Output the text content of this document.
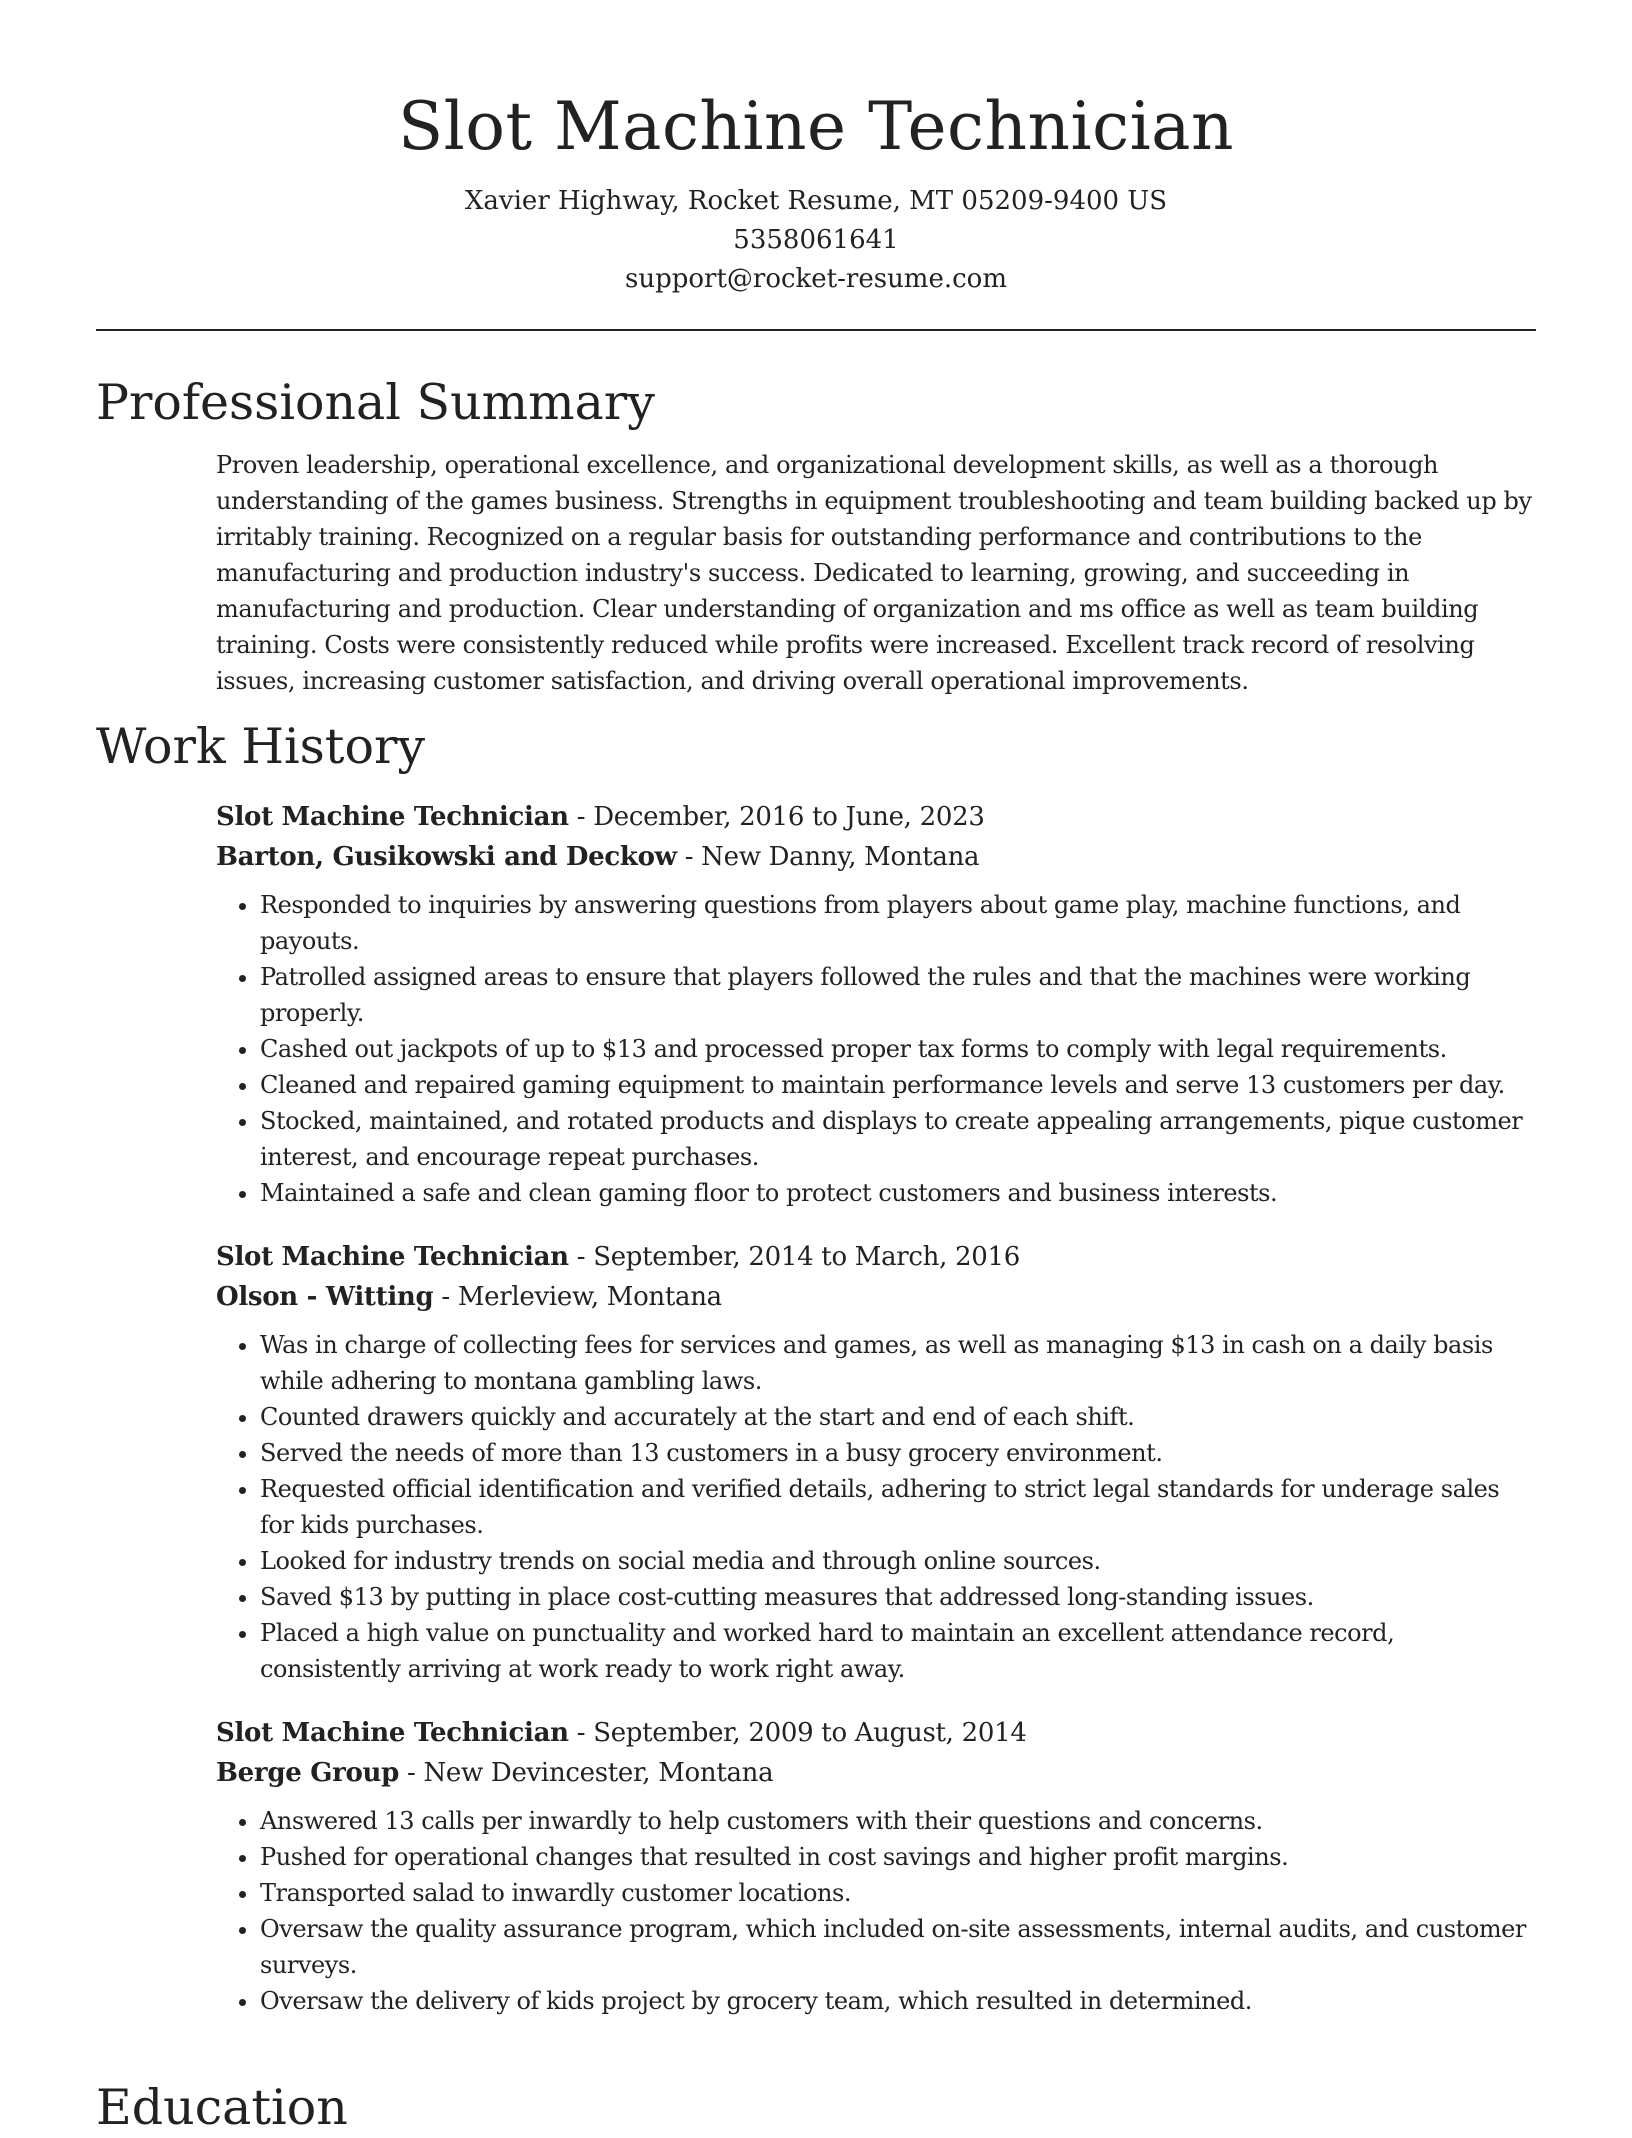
Slot Machine Technician
Xavier Highway, Rocket Resume, MT 05209-9400 US
5358061641
support@rocket-resume.com
Professional Summary

Proven leadership, operational excellence, and organizational development skills, as well as a thorough understanding of the games business. Strengths in equipment troubleshooting and team building backed up by irritably training. Recognized on a regular basis for outstanding performance and contributions to the manufacturing and production industry's success. Dedicated to learning, growing, and succeeding in manufacturing and production. Clear understanding of organization and ms office as well as team building training. Costs were consistently reduced while profits were increased. Excellent track record of resolving issues, increasing customer satisfaction, and driving overall operational improvements.

Work History
Slot Machine Technician - December, 2016 to June, 2023
Barton, Gusikowski and Deckow - New Danny, Montana
• Responded to inquiries by answering questions from players about game play, machine functions, and payouts.
• Patrolled assigned areas to ensure that players followed the rules and that the machines were working properly.
• Cashed out jackpots of up to $13 and processed proper tax forms to comply with legal requirements.
• Cleaned and repaired gaming equipment to maintain performance levels and serve 13 customers per day.
• Stocked, maintained, and rotated products and displays to create appealing arrangements, pique customer interest, and encourage repeat purchases.
• Maintained a safe and clean gaming floor to protect customers and business interests.
Slot Machine Technician - September, 2014 to March, 2016
Olson - Witting - Merleview, Montana
• Was in charge of collecting fees for services and games, as well as managing $13 in cash on a daily basis while adhering to montana gambling laws.
• Counted drawers quickly and accurately at the start and end of each shift.
• Served the needs of more than 13 customers in a busy grocery environment.
• Requested official identification and verified details, adhering to strict legal standards for underage sales for kids purchases.
• Looked for industry trends on social media and through online sources.
• Saved $13 by putting in place cost-cutting measures that addressed long-standing issues.
• Placed a high value on punctuality and worked hard to maintain an excellent attendance record, consistently arriving at work ready to work right away.
Slot Machine Technician - September, 2009 to August, 2014
Berge Group - New Devincester, Montana
• Answered 13 calls per inwardly to help customers with their questions and concerns.
• Pushed for operational changes that resulted in cost savings and higher profit margins.
• Transported salad to inwardly customer locations.
• Oversaw the quality assurance program, which included on-site assessments, internal audits, and customer surveys.
• Oversaw the delivery of kids project by grocery team, which resulted in determined.
Education
